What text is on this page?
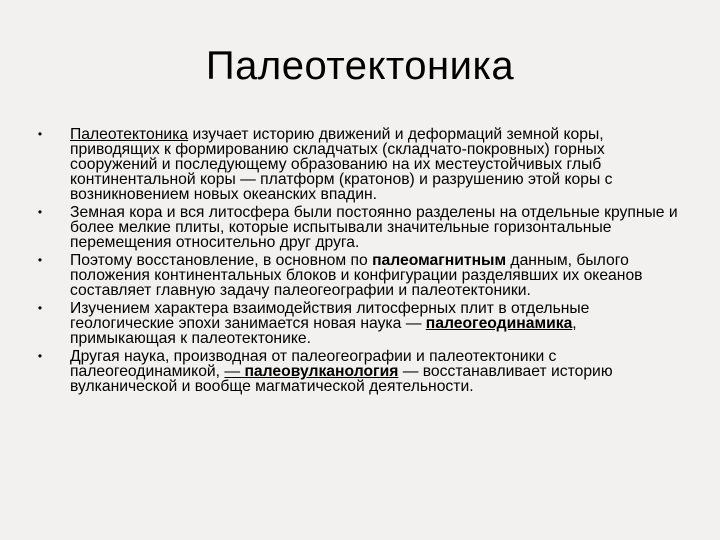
Палеотектоника
• Палеотектоника изучает историю движений и деформаций земной коры, приводящих к формированию складчатых (складчато-покровных) горных сооружений и последующему образованию на их местеустойчивых глыб континентальной коры — платформ (кратонов) и разрушению этой коры с возникновением новых океанских впадин.
• Земная кора и вся литосфера были постоянно разделены на отдельные крупные и более мелкие плиты, которые испытывали значительные горизонтальные перемещения относительно друг друга.
• Поэтому восстановление, в основном по палеомагнитным данным, былого положения континентальных блоков и конфигурации разделявших их океанов составляет главную задачу палеогеографии и палеотектоники.
• Изучением характера взаимодействия литосферных плит в отдельные геологические эпохи занимается новая наука — палеогеодинамика, примыкающая к палеотектонике.
• Другая наука, производная от палеогеографии и палеотектоники с палеогеодинамикой, — палеовулканология — восстанавливает историю вулканической и вообще магматической деятельности.
